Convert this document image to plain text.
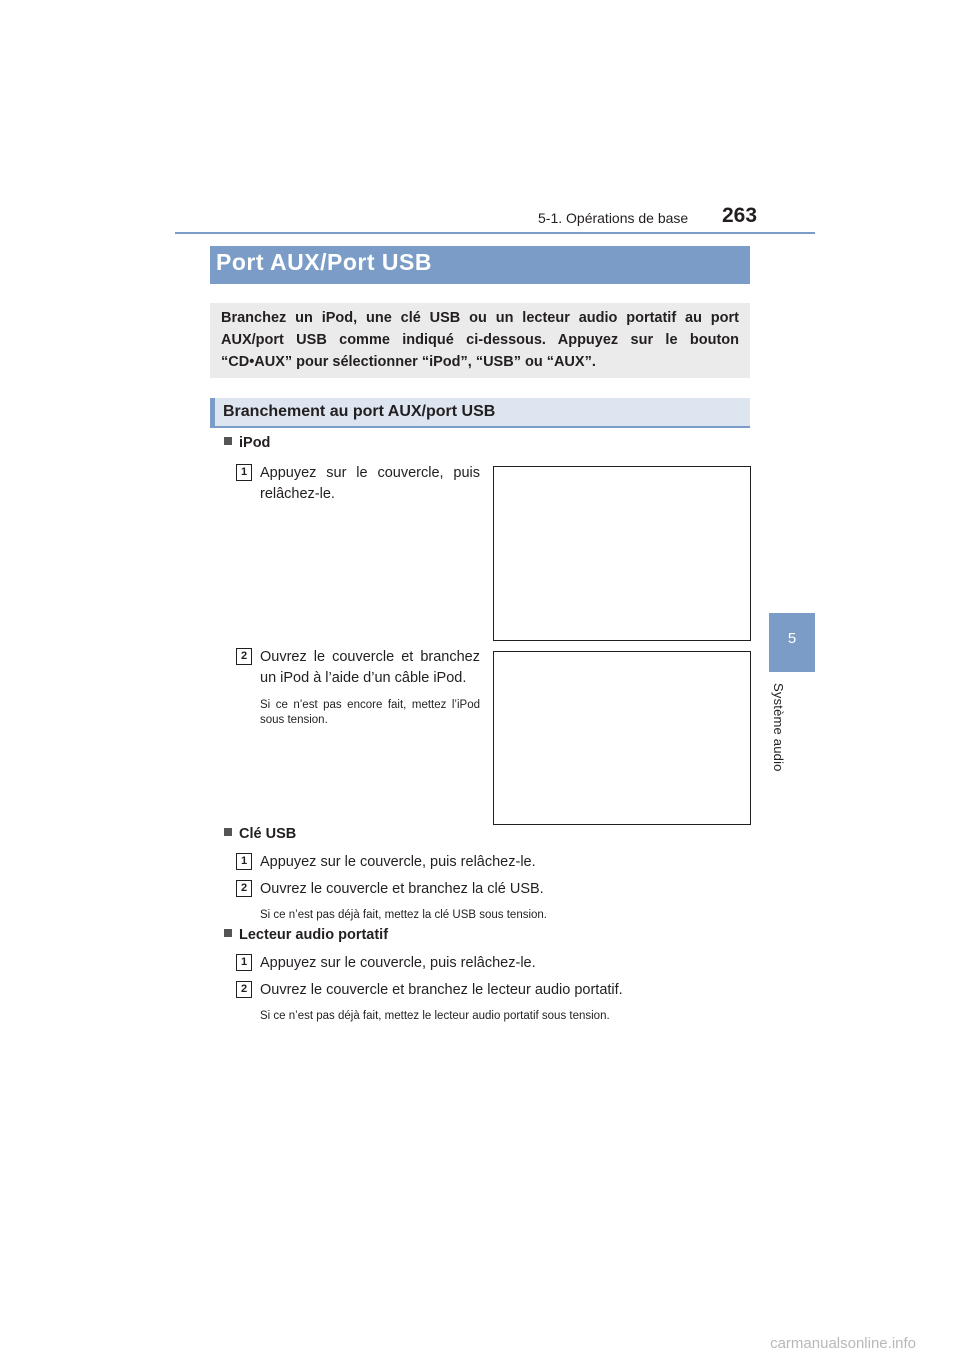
5-1. Opérations de base 263
5
Système audio
Port AUX/Port USB
Branchez un iPod, une clé USB ou un lecteur audio portatif au port AUX/port USB comme indiqué ci-dessous. Appuyez sur le bouton “CD•AUX” pour sélectionner “iPod”, “USB” ou “AUX”.
Branchement au port AUX/port USB
iPod
1 Appuyez sur le couvercle, puis relâchez-le.
2 Ouvrez le couvercle et branchez un iPod à l’aide d’un câble iPod.
Si ce n’est pas encore fait, mettez l’iPod sous tension.
Clé USB
1 Appuyez sur le couvercle, puis relâchez-le.
2 Ouvrez le couvercle et branchez la clé USB.
Si ce n’est pas déjà fait, mettez la clé USB sous tension.
Lecteur audio portatif
1 Appuyez sur le couvercle, puis relâchez-le.
2 Ouvrez le couvercle et branchez le lecteur audio portatif.
Si ce n’est pas déjà fait, mettez le lecteur audio portatif sous tension.
carmanualsonline.info
